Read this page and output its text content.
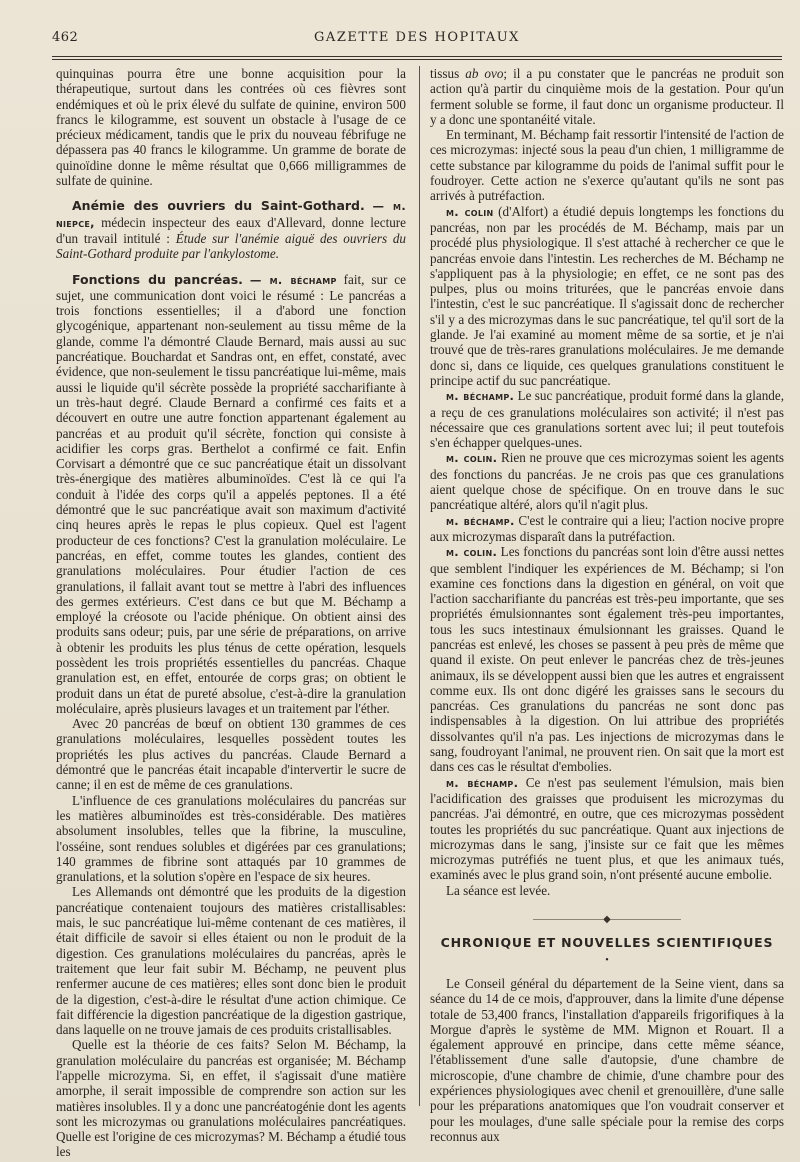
462	GAZETTE DES HOPITAUX

quinquinas pourra être une bonne acquisition pour la thérapeutique, surtout dans les contrées où ces fièvres sont endémiques et où le prix élevé du sulfate de quinine, environ 500 francs le kilogramme, est souvent un obstacle à l'usage de ce précieux médicament, tandis que le prix du nouveau fébrifuge ne dépassera pas 40 francs le kilogramme. Un gramme de borate de quinoïdine donne le même résultat que 0,666 milligrammes de sulfate de quinine.

Anémie des ouvriers du Saint-Gothard. — m. niepce, médecin inspecteur des eaux d'Allevard, donne lecture d'un travail intitulé : Étude sur l'anémie aiguë des ouvriers du Saint-Gothard produite par l'ankylostome.

Fonctions du pancréas. — m. béchamp fait, sur ce sujet, une communication dont voici le résumé : Le pancréas a trois fonctions essentielles; il a d'abord une fonction glycogénique, appartenant non-seulement au tissu même de la glande, comme l'a démontré Claude Bernard, mais aussi au suc pancréatique. Bouchardat et Sandras ont, en effet, constaté, avec évidence, que non-seulement le tissu pancréatique lui-même, mais aussi le liquide qu'il sécrète possède la propriété saccharifiante à un très-haut degré. Claude Bernard a confirmé ces faits et a découvert en outre une autre fonction appartenant également au pancréas et au produit qu'il sécrète, fonction qui consiste à acidifier les corps gras. Berthelot a confirmé ce fait. Enfin Corvisart a démontré que ce suc pancréatique était un dissolvant très-énergique des matières albuminoïdes. C'est là ce qui l'a conduit à l'idée des corps qu'il a appelés peptones. Il a été démontré que le suc pancréatique avait son maximum d'activité cinq heures après le repas le plus copieux. Quel est l'agent producteur de ces fonctions? C'est la granulation moléculaire. Le pancréas, en effet, comme toutes les glandes, contient des granulations moléculaires. Pour étudier l'action de ces granulations, il fallait avant tout se mettre à l'abri des influences des germes extérieurs. C'est dans ce but que M. Béchamp a employé la créosote ou l'acide phénique. On obtient ainsi des produits sans odeur; puis, par une série de préparations, on arrive à obtenir les produits les plus ténus de cette opération, lesquels possèdent les trois propriétés essentielles du pancréas. Chaque granulation est, en effet, entourée de corps gras; on obtient le produit dans un état de pureté absolue, c'est-à-dire la granulation moléculaire, après plusieurs lavages et un traitement par l'éther.

Avec 20 pancréas de bœuf on obtient 130 grammes de ces granulations moléculaires, lesquelles possèdent toutes les propriétés les plus actives du pancréas. Claude Bernard a démontré que le pancréas était incapable d'intervertir le sucre de canne; il en est de même de ces granulations.

L'influence de ces granulations moléculaires du pancréas sur les matières albuminoïdes est très-considérable. Des matières absolument insolubles, telles que la fibrine, la musculine, l'osséine, sont rendues solubles et digérées par ces granulations; 140 grammes de fibrine sont attaqués par 10 grammes de granulations, et la solution s'opère en l'espace de six heures.

Les Allemands ont démontré que les produits de la digestion pancréatique contenaient toujours des matières cristallisables: mais, le suc pancréatique lui-même contenant de ces matières, il était difficile de savoir si elles étaient ou non le produit de la digestion. Ces granulations moléculaires du pancréas, après le traitement que leur fait subir M. Béchamp, ne peuvent plus renfermer aucune de ces matières; elles sont donc bien le produit de la digestion, c'est-à-dire le résultat d'une action chimique. Ce fait différencie la digestion pancréatique de la digestion gastrique, dans laquelle on ne trouve jamais de ces produits cristallisables.

Quelle est la théorie de ces faits? Selon M. Béchamp, la granulation moléculaire du pancréas est organisée; M. Béchamp l'appelle microzyma. Si, en effet, il s'agissait d'une matière amorphe, il serait impossible de comprendre son action sur les matières insolubles. Il y a donc une pancréatogénie dont les agents sont les microzymas ou granulations moléculaires pancréatiques. Quelle est l'origine de ces microzymas? M. Béchamp a étudié tous les

tissus ab ovo; il a pu constater que le pancréas ne produit son action qu'à partir du cinquième mois de la gestation. Pour qu'un ferment soluble se forme, il faut donc un organisme producteur. Il y a donc une spontanéité vitale.

En terminant, M. Béchamp fait ressortir l'intensité de l'action de ces microzymas: injecté sous la peau d'un chien, 1 milligramme de cette substance par kilogramme du poids de l'animal suffit pour le foudroyer. Cette action ne s'exerce qu'autant qu'ils ne sont pas arrivés à putréfaction.

m. colin (d'Alfort) a étudié depuis longtemps les fonctions du pancréas, non par les procédés de M. Béchamp, mais par un procédé plus physiologique. Il s'est attaché à rechercher ce que le pancréas envoie dans l'intestin. Les recherches de M. Béchamp ne s'appliquent pas à la physiologie; en effet, ce ne sont pas des pulpes, plus ou moins triturées, que le pancréas envoie dans l'intestin, c'est le suc pancréatique. Il s'agissait donc de rechercher s'il y a des microzymas dans le suc pancréatique, tel qu'il sort de la glande. Je l'ai examiné au moment même de sa sortie, et je n'ai trouvé que de très-rares granulations moléculaires. Je me demande donc si, dans ce liquide, ces quelques granulations constituent le principe actif du suc pancréatique.

m. béchamp. Le suc pancréatique, produit formé dans la glande, a reçu de ces granulations moléculaires son activité; il n'est pas nécessaire que ces granulations sortent avec lui; il peut toutefois s'en échapper quelques-unes.

m. colin. Rien ne prouve que ces microzymas soient les agents des fonctions du pancréas. Je ne crois pas que ces granulations aient quelque chose de spécifique. On en trouve dans le suc pancréatique altéré, alors qu'il n'agit plus.

m. béchamp. C'est le contraire qui a lieu; l'action nocive propre aux microzymas disparaît dans la putréfaction.

m. colin. Les fonctions du pancréas sont loin d'être aussi nettes que semblent l'indiquer les expériences de M. Béchamp; si l'on examine ces fonctions dans la digestion en général, on voit que l'action saccharifiante du pancréas est très-peu importante, que ses propriétés émulsionnantes sont également très-peu importantes, tous les sucs intestinaux émulsionnant les graisses. Quand le pancréas est enlevé, les choses se passent à peu près de même que quand il existe. On peut enlever le pancréas chez de très-jeunes animaux, ils se développent aussi bien que les autres et engraissent comme eux. Ils ont donc digéré les graisses sans le secours du pancréas. Ces granulations du pancréas ne sont donc pas indispensables à la digestion. On lui attribue des propriétés dissolvantes qu'il n'a pas. Les injections de microzymas dans le sang, foudroyant l'animal, ne prouvent rien. On sait que la mort est dans ces cas le résultat d'embolies.

m. béchamp. Ce n'est pas seulement l'émulsion, mais bien l'acidification des graisses que produisent les microzymas du pancréas. J'ai démontré, en outre, que ces microzymas possèdent toutes les propriétés du suc pancréatique. Quant aux injections de microzymas dans le sang, j'insiste sur ce fait que les mêmes microzymas putréfiés ne tuent plus, et que les animaux tués, examinés avec le plus grand soin, n'ont présenté aucune embolie.

La séance est levée.

———————◆———————
CHRONIQUE ET NOUVELLES SCIENTIFIQUES
•

Le Conseil général du département de la Seine vient, dans sa séance du 14 de ce mois, d'approuver, dans la limite d'une dépense totale de 53,400 francs, l'installation d'appareils frigorifiques à la Morgue d'après le système de MM. Mignon et Rouart. Il a également approuvé en principe, dans cette même séance, l'établissement d'une salle d'autopsie, d'une chambre de microscopie, d'une chambre de chimie, d'une chambre pour des expériences physiologiques avec chenil et grenouillère, d'une salle pour les préparations anatomiques que l'on voudrait conserver et pour les moulages, d'une salle spéciale pour la remise des corps reconnus aux
